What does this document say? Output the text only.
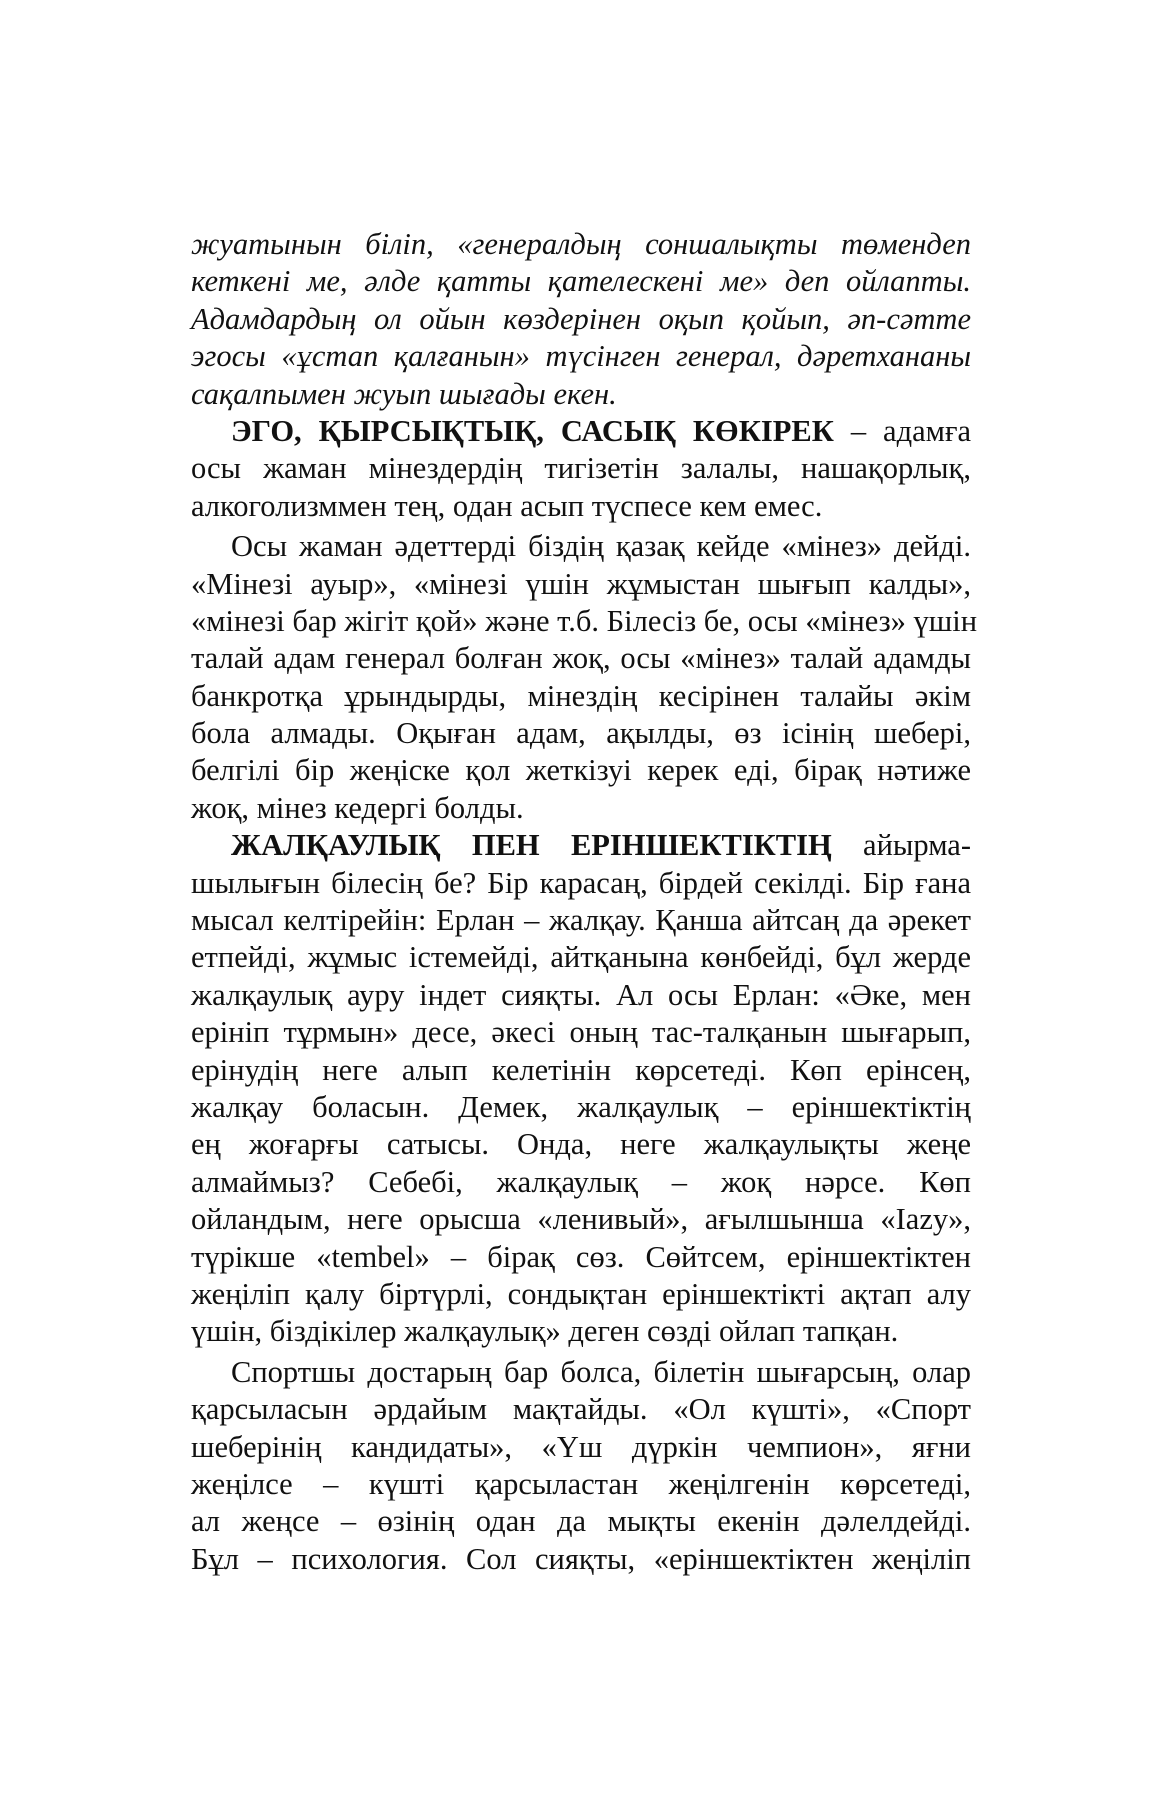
жуатынын біліп, «генералдың соншалықты төмендеп
кеткені ме, әлде қатты қателескені ме» деп ойлапты.
Адамдардың ол ойын көздерінен оқып қойып, әп-сәтте
эгосы «ұстап қалғанын» түсінген генерал, дәретхананы
сақалпымен жуып шығады екен.
ЭГО, ҚЫРСЫҚТЫҚ, САСЫҚ КӨКІРЕК – адамға
осы жаман мінездердің тигізетін залалы, нашақорлық,
алкоголизммен тең, одан асып түспесе кем емес.
Осы жаман әдеттерді біздің қазақ кейде «мінез» дейді.
«Мінезі ауыр», «мінезі үшін жұмыстан шығып калды»,
«мінезі бар жігіт қой» және т.б. Білесіз бе, осы «мінез» үшін
талай адам генерал болған жоқ, осы «мінез» талай адамды
банкротқа ұрындырды, мінездің кесірінен талайы әкім
бола алмады. Оқыған адам, ақылды, өз ісінің шебері,
белгілі бір жеңіске қол жеткізуі керек еді, бірақ нәтиже
жоқ, мінез кедергі болды.
ЖАЛҚАУЛЫҚ ПЕН ЕРІНШЕКТІКТІҢ айырма-
шылығын білесің бе? Бір карасаң, бірдей секілді. Бір ғана
мысал келтірейін: Ерлан – жалқау. Қанша айтсаң да әрекет
етпейді, жұмыс істемейді, айтқанына көнбейді, бұл жерде
жалқаулық ауру індет сияқты. Ал осы Ерлан: «Әке, мен
ерініп тұрмын» десе, әкесі оның тас-талқанын шығарып,
ерінудің неге алып келетінін көрсетеді. Көп ерінсең,
жалқау боласын. Демек, жалқаулық – еріншектіктің
ең жоғарғы сатысы. Онда, неге жалқаулықты жеңе
алмаймыз? Себебі, жалқаулық – жоқ нәрсе. Көп
ойландым, неге орысша «ленивый», ағылшынша «Iazy»,
түрікше «tembel» – бірақ сөз. Сөйтсем, еріншектіктен
жеңіліп қалу біртүрлі, сондықтан еріншектікті ақтап алу
үшін, біздікілер жалқаулық» деген сөзді ойлап тапқан.
Спортшы достарың бар болса, білетін шығарсың, олар
қарсыласын әрдайым мақтайды. «Ол күшті», «Спорт
шеберінің кандидаты», «Үш дүркін чемпион», яғни
жеңілсе – күшті қарсыластан жеңілгенін көрсетеді,
ал жеңсе – өзінің одан да мықты екенін дәлелдейді.
Бұл – психология. Сол сияқты, «еріншектіктен жеңіліп
